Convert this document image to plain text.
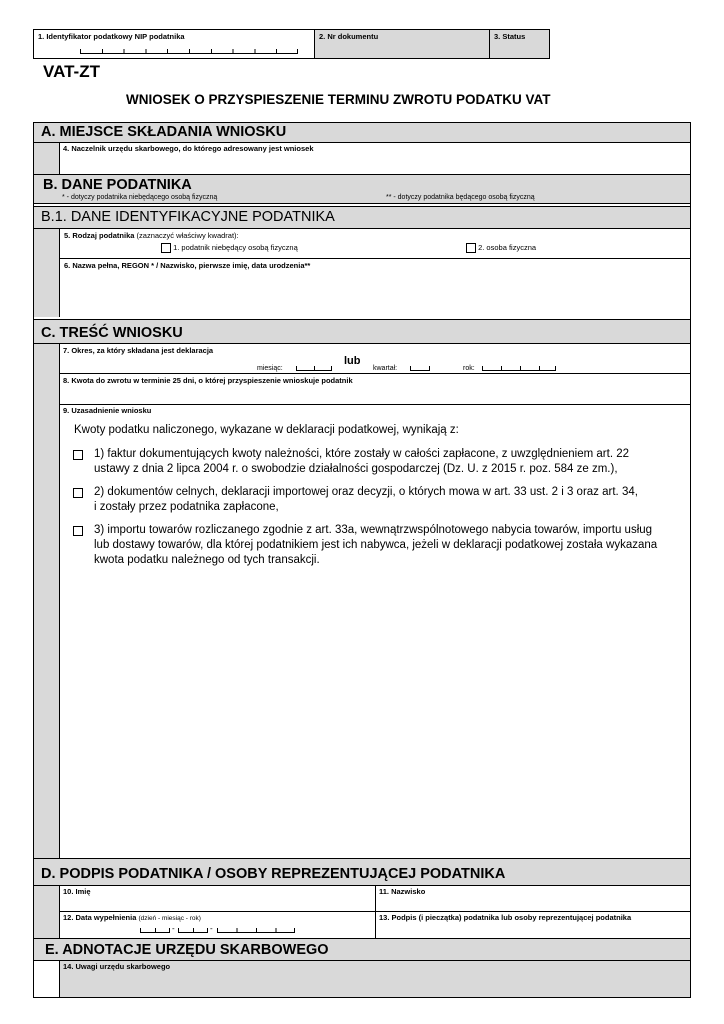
1. Identyfikator podatkowy NIP podatnika	2. Nr dokumentu	3. Status
VAT-ZT
WNIOSEK O PRZYSPIESZENIE TERMINU ZWROTU PODATKU VAT
A. MIEJSCE SKŁADANIA WNIOSKU
4. Naczelnik urzędu skarbowego, do którego adresowany jest wniosek
B. DANE PODATNIKA
* - dotyczy podatnika niebędącego osobą fizyczną	** - dotyczy podatnika będącego osobą fizyczną
B.1. DANE IDENTYFIKACYJNE PODATNIKA
5. Rodzaj podatnika (zaznaczyć właściwy kwadrat):
1. podatnik niebędący osobą fizyczną	2. osoba fizyczna
6. Nazwa pełna, REGON * / Nazwisko, pierwsze imię, data urodzenia**
C. TREŚĆ WNIOSKU
7. Okres, za który składana jest deklaracja
miesiąc:
lub
kwartał:	rok:
8. Kwota do zwrotu w terminie 25 dni, o której przyspieszenie wnioskuje podatnik
9. Uzasadnienie wniosku
Kwoty podatku naliczonego, wykazane w deklaracji podatkowej, wynikają z:
1) faktur dokumentujących kwoty należności, które zostały w całości zapłacone, z uwzględnieniem art. 22
ustawy z dnia 2 lipca 2004 r. o swobodzie działalności gospodarczej (Dz. U. z 2015 r. poz. 584 ze zm.),
2) dokumentów celnych, deklaracji importowej oraz decyzji, o których mowa w art. 33 ust. 2 i 3 oraz art. 34,
i zostały przez podatnika zapłacone,
3) importu towarów rozliczanego zgodnie z art. 33a, wewnątrzwspólnotowego nabycia towarów, importu usług
lub dostawy towarów, dla której podatnikiem jest ich nabywca, jeżeli w deklaracji podatkowej została wykazana
kwota podatku należnego od tych transakcji.
D. PODPIS PODATNIKA / OSOBY REPREZENTUJĄCEJ PODATNIKA
10. Imię	11. Nazwisko
12. Data wypełnienia (dzień - miesiąc - rok)
-	-
13. Podpis (i pieczątka) podatnika lub osoby reprezentującej podatnika
E. ADNOTACJE URZĘDU SKARBOWEGO
14. Uwagi urzędu skarbowego
